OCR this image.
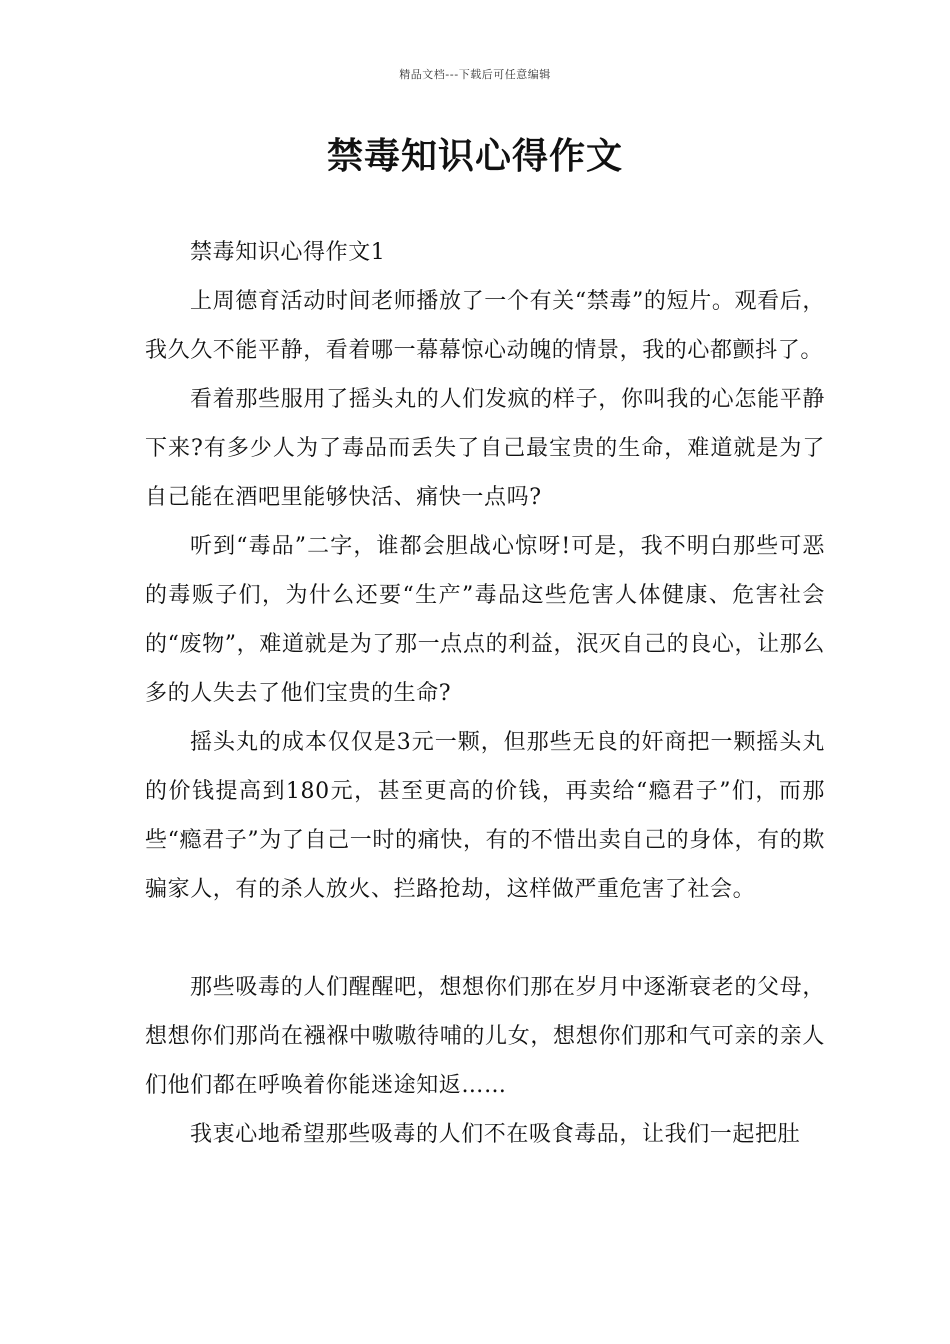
精品文档---下载后可任意编辑
禁毒知识心得作文

禁毒知识心得作文1

上周德育活动时间老师播放了一个有关“禁毒”的短片。观看后，我久久不能平静，看着哪一幕幕惊心动魄的情景，我的心都颤抖了。

看着那些服用了摇头丸的人们发疯的样子，你叫我的心怎能平静下来?有多少人为了毒品而丢失了自己最宝贵的生命，难道就是为了自己能在酒吧里能够快活、痛快一点吗?

听到“毒品”二字，谁都会胆战心惊呀!可是，我不明白那些可恶的毒贩子们，为什么还要“生产”毒品这些危害人体健康、危害社会的“废物”，难道就是为了那一点点的利益，泯灭自己的良心，让那么多的人失去了他们宝贵的生命?

摇头丸的成本仅仅是3元一颗，但那些无良的奸商把一颗摇头丸的价钱提高到180元，甚至更高的价钱，再卖给“瘾君子”们，而那些“瘾君子”为了自己一时的痛快，有的不惜出卖自己的身体，有的欺骗家人，有的杀人放火、拦路抢劫，这样做严重危害了社会。

那些吸毒的人们醒醒吧，想想你们那在岁月中逐渐衰老的父母，想想你们那尚在襁褓中嗷嗷待哺的儿女，想想你们那和气可亲的亲人们他们都在呼唤着你能迷途知返……

我衷心地希望那些吸毒的人们不在吸食毒品，让我们一起把肚
